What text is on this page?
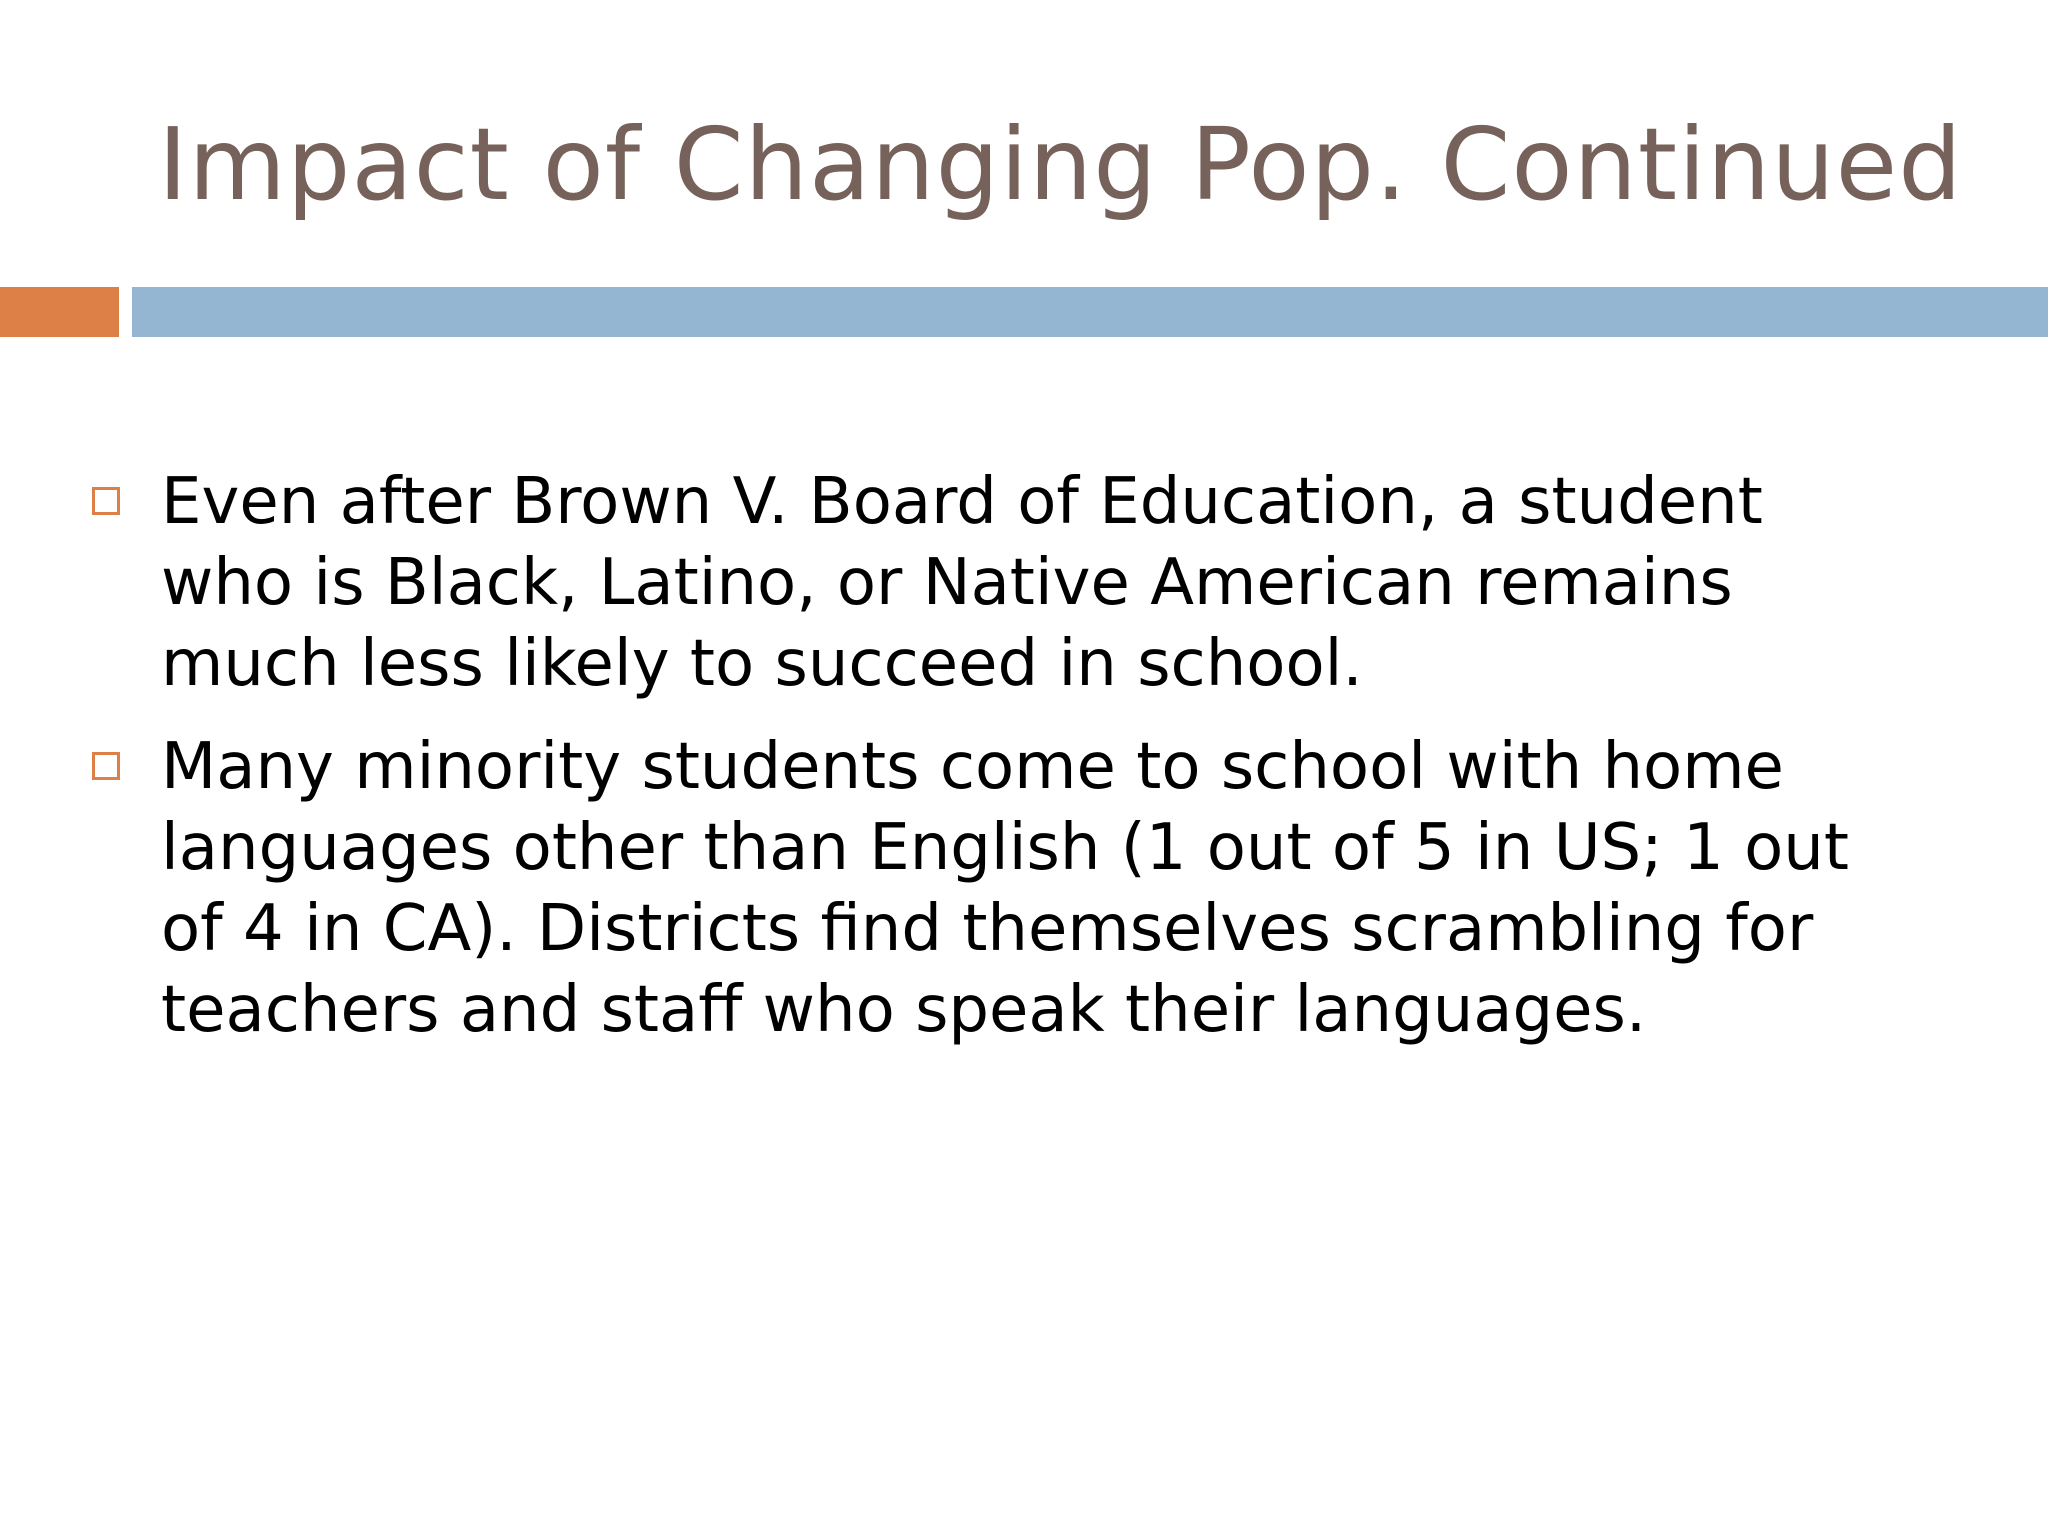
Impact of Changing Pop. Continued
Even after Brown V. Board of Education, a student
who is Black, Latino, or Native American remains
much less likely to succeed in school.
Many minority students come to school with home
languages other than English (1 out of 5 in US; 1 out
of 4 in CA). Districts find themselves scrambling for
teachers and staff who speak their languages.
